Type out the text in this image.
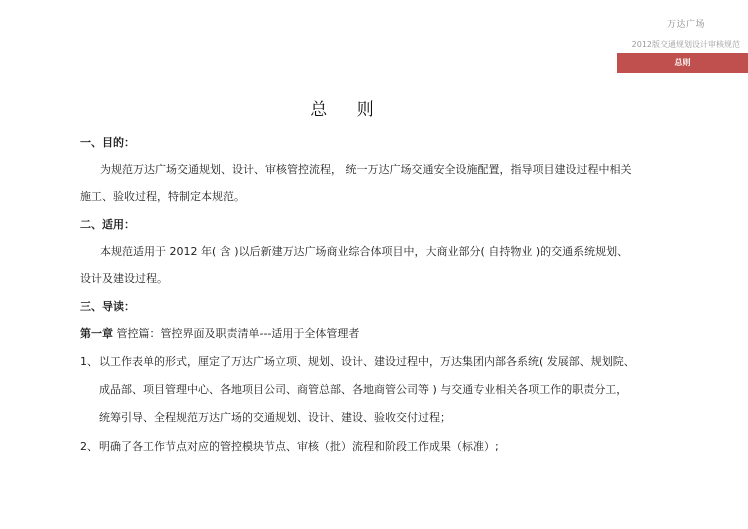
万达广场
2012版交通规划设计审核规范
总则
总 则
一、目的：
为规范万达广场交通规划、设计、审核管控流程， 统一万达广场交通安全设施配置，指导项目建设过程中相关
施工、验收过程，特制定本规范。
二、适用：
本规范适用于 2012 年( 含 )以后新建万达广场商业综合体项目中，大商业部分( 自持物业 )的交通系统规划、
设计及建设过程。
三、导读：
第一章 管控篇：管控界面及职责清单---适用于全体管理者
1、 以工作表单的形式，厘定了万达广场立项、规划、设计、建设过程中，万达集团内部各系统( 发展部、规划院、
成品部、项目管理中心、各地项目公司、商管总部、各地商管公司等 ) 与交通专业相关各项工作的职责分工，
统筹引导、全程规范万达广场的交通规划、设计、建设、验收交付过程；
2、 明确了各工作节点对应的管控模块节点、审核（批）流程和阶段工作成果（标准）;
